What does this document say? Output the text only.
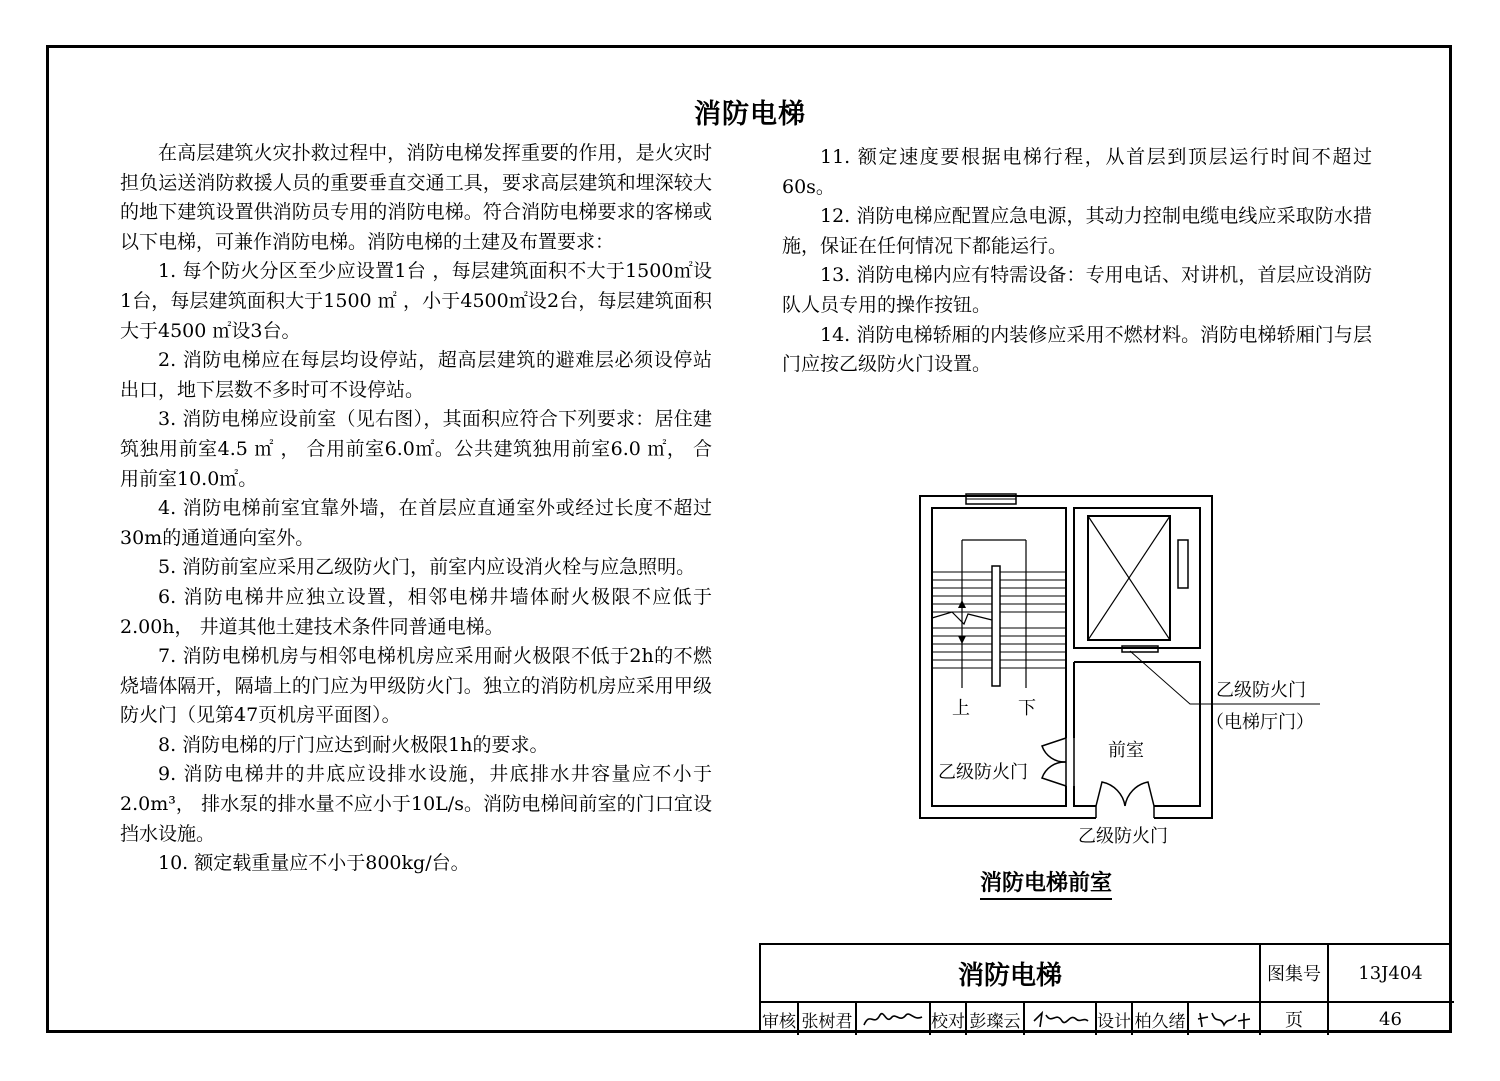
消防电梯

在高层建筑火灾扑救过程中，消防电梯发挥重要的作用，是火灾时担负运送消防救援人员的重要垂直交通工具，要求高层建筑和埋深较大的地下建筑设置供消防员专用的消防电梯。符合消防电梯要求的客梯或以下电梯，可兼作消防电梯。消防电梯的土建及布置要求：

1. 每个防火分区至少应设置1台 ，每层建筑面积不大于1500㎡设1台，每层建筑面积大于1500 ㎡ ，小于4500㎡设2台，每层建筑面积大于4500 ㎡设3台。

2. 消防电梯应在每层均设停站，超高层建筑的避难层必须设停站出口，地下层数不多时可不设停站。

3. 消防电梯应设前室（见右图），其面积应符合下列要求：居住建筑独用前室4.5 ㎡ ， 合用前室6.0㎡。公共建筑独用前室6.0 ㎡， 合用前室10.0㎡。

4. 消防电梯前室宜靠外墙，在首层应直通室外或经过长度不超过30m的通道通向室外。

5. 消防前室应采用乙级防火门，前室内应设消火栓与应急照明。

6. 消防电梯井应独立设置，相邻电梯井墙体耐火极限不应低于2.00h， 井道其他土建技术条件同普通电梯。

7. 消防电梯机房与相邻电梯机房应采用耐火极限不低于2h的不燃烧墙体隔开，隔墙上的门应为甲级防火门。独立的消防机房应采用甲级防火门（见第47页机房平面图）。

8. 消防电梯的厅门应达到耐火极限1h的要求。

9. 消防电梯井的井底应设排水设施，井底排水井容量应不小于2.0m³， 排水泵的排水量不应小于10L/s。消防电梯间前室的门口宜设挡水设施。

10. 额定载重量应不小于800kg/台。

11. 额定速度要根据电梯行程，从首层到顶层运行时间不超过60s。

12. 消防电梯应配置应急电源，其动力控制电缆电线应采取防水措施，保证在任何情况下都能运行。

13. 消防电梯内应有特需设备：专用电话、对讲机，首层应设消防队人员专用的操作按钮。

14. 消防电梯轿厢的内装修应采用不燃材料。消防电梯轿厢门与层门应按乙级防火门设置。

上	下
前室
乙级防火门
乙级防火门
乙级防火门
（电梯厅门）
消防电梯前室
消防电梯	图集号	13J404
页	46
审核 张树君	校对 彭璨云	设计 柏久绪
